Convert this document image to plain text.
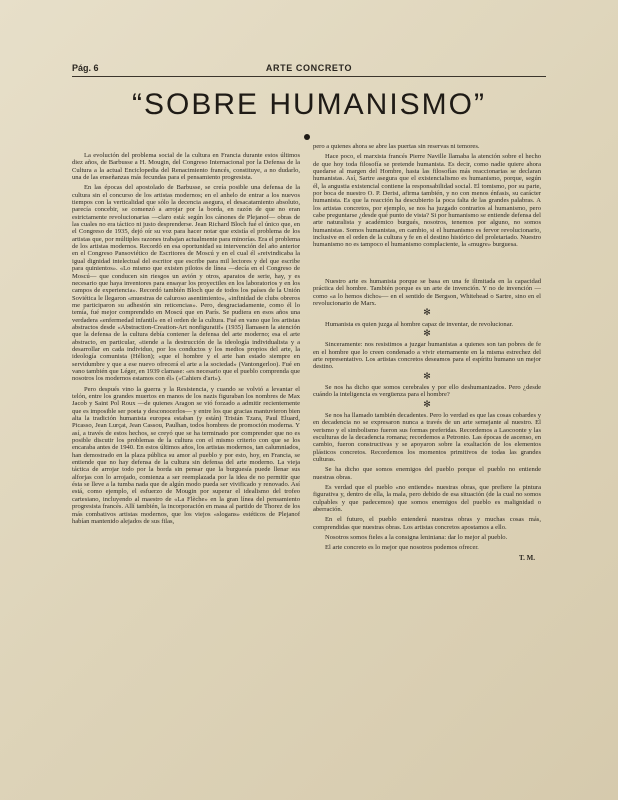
Pág. 6	ARTE CONCRETO
“SOBRE HUMANISMO”

La evolución del problema social de la cultura en Francia durante estos últimos diez años, de Barbusse a H. Mougin, del Congreso Internacional por la Defensa de la Cultura a la actual Enciclopedia del Renacimiento francés, constituye, a no dudarlo, una de las enseñanzas más fecundas para el pensamiento progresista.

En las épocas del apostolado de Barbusse, se creía posible una defensa de la cultura sin el concurso de los artistas modernos; en el anhelo de entrar a los nuevos tiempos con la verticalidad que sólo la decencia asegura, el desacatamiento absoluto, parecía concebir, se comenzó a arrojar por la borda, en razón de que no eran estrictamente revolucionarias —claro está: según los cánones de Plejanof— obras de las cuales no era táctico ni justo desprenderse. Jean Richard Bloch fué el único que, en el Congreso de 1935, dejó oír su voz para hacer notar que existía el problema de los artistas que, por múltiples razones trabajan actualmente para minorías. Era el problema de los artistas modernos. Recordó en esa oportunidad su intervención del año anterior en el Congreso Pansoviético de Escritores de Moscú y en el cual él «reivindicaba la igual dignidad intelectual del escritor que escribe para mil lectores y del que escribe para quinientos». «Lo mismo que existen pilotos de línea —decía en el Congreso de Moscú— que conducen sin riesgos un avión y otros, aparatos de serie, hay, y es necesario que haya inventores para ensayar los proyectiles en los laboratorios y en los campos de experiencia». Recordó también Bloch que de todos los países de la Unión Soviética le llegaron «muestras de caluroso asentimiento», «infinidad de clubs obreros me participaron su adhesión sin reticencias». Pero, desgraciadamente, como él lo temía, fué mejor comprendido en Moscú que en París. Se pudiera en esos años una verdadera «enfermedad infantil» en el orden de la cultura. Fué en vano que los artistas abstractos desde «Abstraction-Creation-Art nonfiguratif» (1935) llamasen la atención que la defensa de la cultura debía contener la defensa del arte moderno; esa el arte abstracto, en particular, «tiende a la destrucción de la ideología individualista y a desarrollar en cada individuo, por los conductos y los medios propios del arte, la ideología comunista (Hélion); «que el hombre y el arte han estado siempre en servidumbre y que a ese nuevo ofrecerá el arte a la sociedad» (Vantongerloo). Fué en vano también que Léger, en 1939 clamase: «es necesario que el pueblo comprenda que nosotros los modernos estamos con él» («Cahiers d'art»).

Pero después vino la guerra y la Resistencia, y cuando se volvió a levantar el telón, entre los grandes muertos en manos de los nazis figuraban los nombres de Max Jacob y Saint Pol Roux —de quienes Aragon se vió forzado a admitir recientemente que es imposible ser poeta y desconocerlos— y entre los que gracias mantuvieron bien alta la tradición humanista europea estaban (y están) Tristán Tzara, Paul Eluard, Picasso, Jean Lurçat, Jean Cassou, Paulhan, todos hombres de promoción moderna. Y así, a través de estos hechos, se creyó que se ha terminado por comprender que no es posible discutir los problemas de la cultura con el mismo criterio con que se los encaraba antes de 1940. En estos últimos años, los artistas modernos, tan calumniados, han demostrado en la plaza pública su amor al pueblo y por esto, hoy, en Francia, se entiende que no hay defensa de la cultura sin defensa del arte moderno. La vieja táctica de arrojar todo por la borda sin pensar que la burguesía puede llenar sus alforjas con lo arrojado, comienza a ser reemplazada por la idea de no permitir que ésta se lleve a la tumba nada que de algún modo pueda ser vivificado y renovado. Así está, como ejemplo, el esfuerzo de Mougin por superar el idealismo del trofeo cartesiano, incluyendo al maestro de «La Flèche» en la gran línea del pensamiento progresista francés. Allí también, la incorporación en masa al partido de Thorez de los más combativos artistas modernos, que los viejos «slogans» estéticos de Plejanof habían mantenido alejados de sus filas,

pero a quienes ahora se abre las puertas sin reservas ni temores.

Hace poco, el marxista francés Pierre Naville llamaba la atención sobre el hecho de que hoy toda filosofía se pretende humanista. Es decir, como nadie quiere ahora quedarse al margen del Hombre, hasta las filosofías más reaccionarias se declaran humanistas. Así, Sartre asegura que el existencialismo es humanismo, porque, según él, la angustia existencial contiene la responsabilidad social. El tomismo, por su parte, por boca de nuestro O. P. Derisi, afirma también, y no con menos énfasis, su carácter humanista. Es que la reacción ha descubierto la poca falta de las grandes palabras. A los artistas concretos, por ejemplo, se nos ha juzgado contrarios al humanismo, pero cabe preguntarse ¿desde qué punto de vista? Si por humanismo se entiende defensa del arte naturalista y académico burgués, nosotros, tenemos por alguno, no somos humanistas. Somos humanistas, en cambio, si el humanismo es fervor revolucionario, inclusive en el orden de la cultura y fe en el destino histórico del proletariado. Nuestro humanismo no es tampoco el humanismo complaciente, la «mugre» burguesa.

Nuestro arte es humanista porque se basa en una fe ilimitada en la capacidad práctica del hombre. También porque es un arte de invención. Y no de invención —como «a lo hemos dicho»— en el sentido de Bergson, Whitehead o Sartre, sino en el revolucionario de Marx.

✻

Humanista es quien juzga al hombre capaz de inventar, de revolucionar.

✻

Sinceramente: nos resistimos a juzgar humanistas a quienes son tan pobres de fe en el hombre que lo creen condenado a vivir eternamente en la misma estrechez del arte representativo. Los artistas concretos deseamos para el espíritu humano un mejor destino.

✻

Se nos ha dicho que somos cerebrales y por ello deshumanizados. Pero ¿desde cuándo la inteligencia es vergüenza para el hombre?

✻

Se nos ha llamado también decadentes. Pero lo verdad es que las cosas cobardes y en decadencia no se expresaron nunca a través de un arte semejante al nuestro. El verismo y el simbolismo fueron sus formas preferidas. Recordemos a Laocoonte y las esculturas de la decadencia romana; recordemos a Petronio. Las épocas de ascenso, en cambio, fueron constructivas y se apoyaron sobre la exaltación de los elementos plásticos concretos. Recordemos los momentos primitivos de todas las grandes culturas.

Se ha dicho que somos enemigos del pueblo porque el pueblo no entiende nuestras obras.

Es verdad que el pueblo «no entiende» nuestras obras, que prefiere la pintura figurativa y, dentro de ella, la mala, pero debido de esa situación (de la cual no somos culpables y que padecemos) que somos enemigos del pueblo es malignidad o aberración.

En el futuro, el pueblo entenderá nuestras obras y muchas cosas más, comprendidas que nuestras obras. Los artistas concretos apostamos a ello.

Nosotros somos fieles a la consigna leniniana: dar lo mejor al pueblo.

El arte concreto es lo mejor que nosotros podemos ofrecer.

T. M.
